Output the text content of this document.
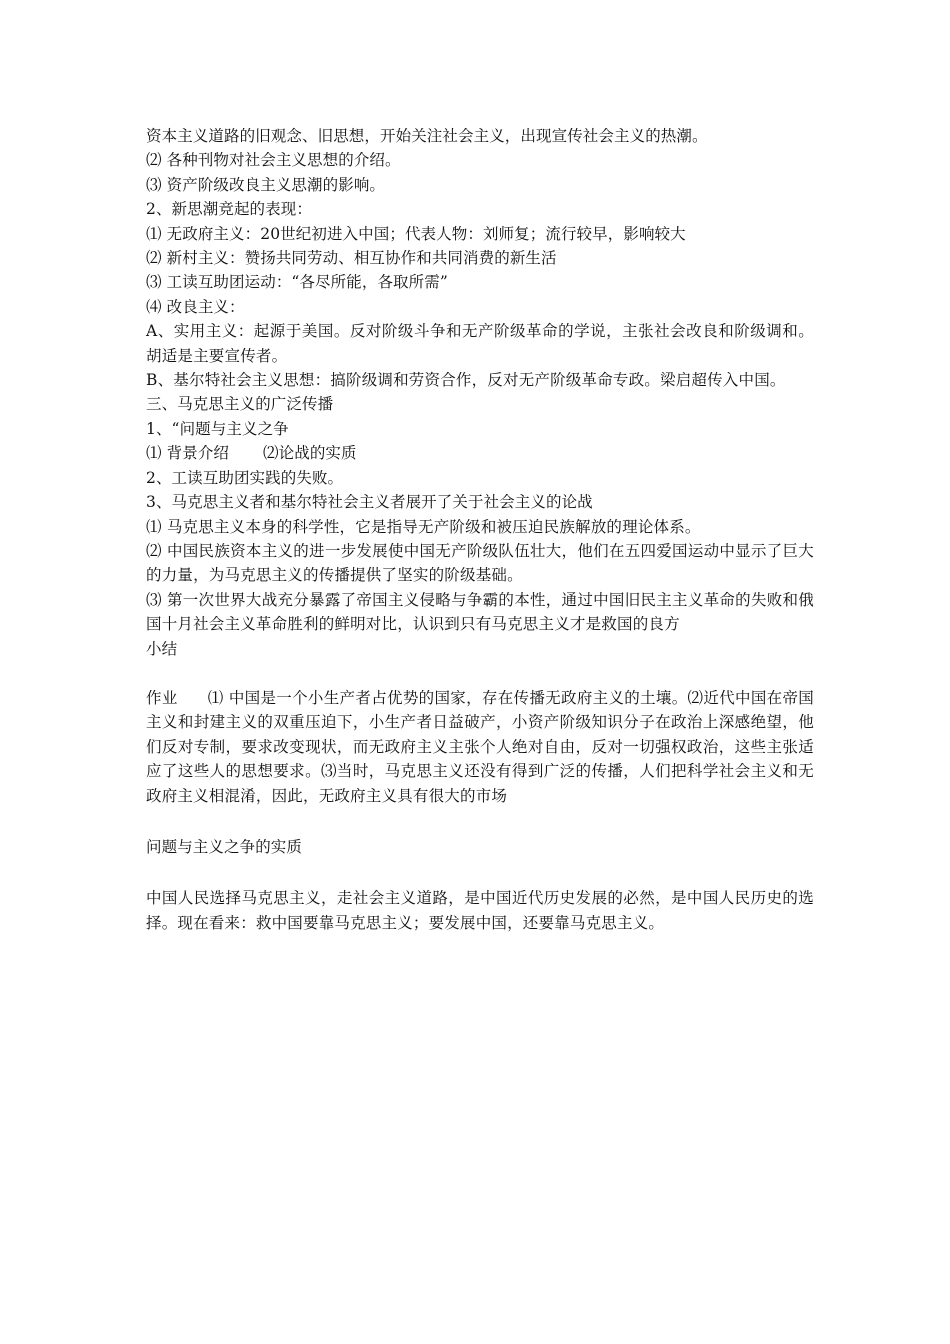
资本主义道路的旧观念、旧思想，开始关注社会主义，出现宣传社会主义的热潮。
⑵ 各种刊物对社会主义思想的介绍。
⑶ 资产阶级改良主义思潮的影响。
2、新思潮竞起的表现：
⑴ 无政府主义：20世纪初进入中国；代表人物：刘师复；流行较早，影响较大
⑵ 新村主义：赞扬共同劳动、相互协作和共同消费的新生活
⑶ 工读互助团运动：“各尽所能，各取所需”
⑷ 改良主义：
A、实用主义：起源于美国。反对阶级斗争和无产阶级革命的学说，主张社会改良和阶级调和。胡适是主要宣传者。
B、基尔特社会主义思想：搞阶级调和劳资合作，反对无产阶级革命专政。梁启超传入中国。
三、马克思主义的广泛传播
1、“问题与主义之争
⑴ 背景介绍 ⑵论战的实质
2、工读互助团实践的失败。
3、马克思主义者和基尔特社会主义者展开了关于社会主义的论战
⑴ 马克思主义本身的科学性，它是指导无产阶级和被压迫民族解放的理论体系。
⑵ 中国民族资本主义的进一步发展使中国无产阶级队伍壮大，他们在五四爱国运动中显示了巨大的力量，为马克思主义的传播提供了坚实的阶级基础。
⑶ 第一次世界大战充分暴露了帝国主义侵略与争霸的本性，通过中国旧民主主义革命的失败和俄国十月社会主义革命胜利的鲜明对比，认识到只有马克思主义才是救国的良方
小结
作业 ⑴ 中国是一个小生产者占优势的国家，存在传播无政府主义的土壤。⑵近代中国在帝国主义和封建主义的双重压迫下，小生产者日益破产，小资产阶级知识分子在政治上深感绝望，他们反对专制，要求改变现状，而无政府主义主张个人绝对自由，反对一切强权政治，这些主张适应了这些人的思想要求。⑶当时，马克思主义还没有得到广泛的传播，人们把科学社会主义和无政府主义相混淆，因此，无政府主义具有很大的市场
问题与主义之争的实质
中国人民选择马克思主义，走社会主义道路，是中国近代历史发展的必然，是中国人民历史的选择。现在看来：救中国要靠马克思主义；要发展中国，还要靠马克思主义。
